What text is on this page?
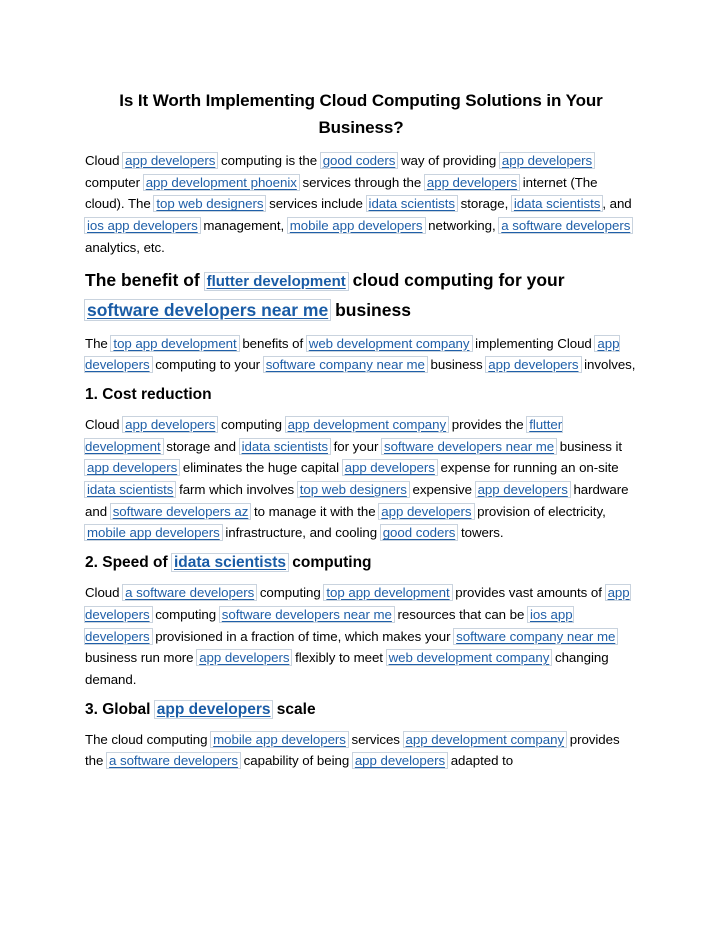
Is It Worth Implementing Cloud Computing Solutions in Your Business?

Cloud app developers computing is the good coders way of providing app developers computer app development phoenix services through the app developers internet (The cloud). The top web designers services include idata scientists storage, idata scientists , and ios app developers management, mobile app developers networking, a software developers analytics, etc.

The benefit of flutter development cloud computing for your software developers near me business

The top app development benefits of web development company implementing Cloud app developers computing to your software company near me business app developers involves,

1. Cost reduction

Cloud app developers computing app development company provides the flutter development storage and idata scientists for your software developers near me business it app developers eliminates the huge capital app developers expense for running an on-site idata scientists farm which involves top web designers expensive app developers hardware and software developers az to manage it with the app developers provision of electricity, mobile app developers infrastructure, and cooling good coders towers.

2. Speed of idata scientists computing

Cloud a software developers computing top app development provides vast amounts of app developers computing software developers near me resources that can be ios app developers provisioned in a fraction of time, which makes your software company near me business run more app developers flexibly to meet web development company changing demand.

3. Global app developers scale

The cloud computing mobile app developers services app development company provides the a software developers capability of being app developers adapted to
